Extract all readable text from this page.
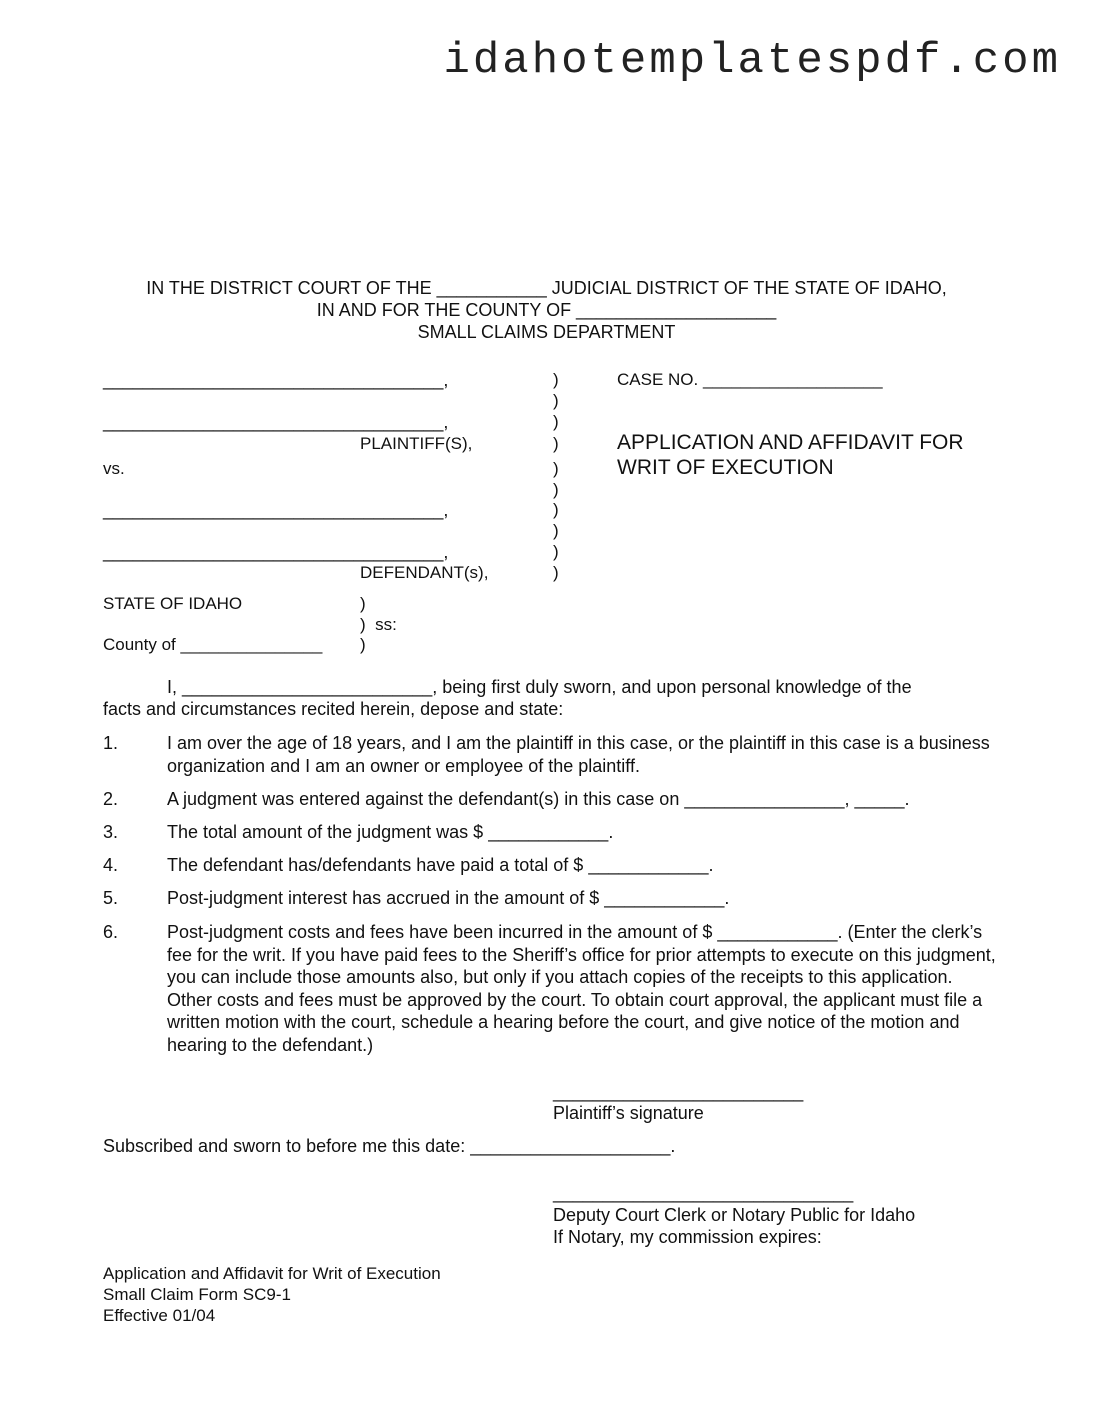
idahotemplatespdf.com
IN THE DISTRICT COURT OF THE ___________ JUDICIAL DISTRICT OF THE STATE OF IDAHO,
IN AND FOR THE COUNTY OF ____________________
SMALL CLAIMS DEPARTMENT
__________________________________,
__________________________________,
PLAINTIFF(S),
vs.
__________________________________,
__________________________________,
DEFENDANT(s),
)
)
)
)
)
)
)
)
)
)
CASE NO. ___________________
APPLICATION AND AFFIDAVIT FOR
WRIT OF EXECUTION
STATE OF IDAHO	)
)  ss:
County of _______________ )
I, _________________________, being first duly sworn, and upon personal knowledge of the
facts and circumstances recited herein, depose and state:
1.	I am over the age of 18 years, and I am the plaintiff in this case, or the plaintiff in this case is a business organization and I am an owner or employee of the plaintiff.
2.	A judgment was entered against the defendant(s) in this case on ________________, _____.
3.	The total amount of the judgment was $ ____________.
4.	The defendant has/defendants have paid a total of $ ____________.
5.	Post-judgment interest has accrued in the amount of $ ____________.
6.	Post-judgment costs and fees have been incurred in the amount of $ ____________. (Enter the clerk’s fee for the writ. If you have paid fees to the Sheriff’s office for prior attempts to execute on this judgment, you can include those amounts also, but only if you attach copies of the receipts to this application. Other costs and fees must be approved by the court. To obtain court approval, the applicant must file a written motion with the court, schedule a hearing before the court, and give notice of the motion and hearing to the defendant.)
_________________________
Plaintiff’s signature
Subscribed and sworn to before me this date: ____________________.
______________________________
Deputy Court Clerk or Notary Public for Idaho
If Notary, my commission expires:
Application and Affidavit for Writ of Execution
Small Claim Form SC9-1
Effective 01/04
